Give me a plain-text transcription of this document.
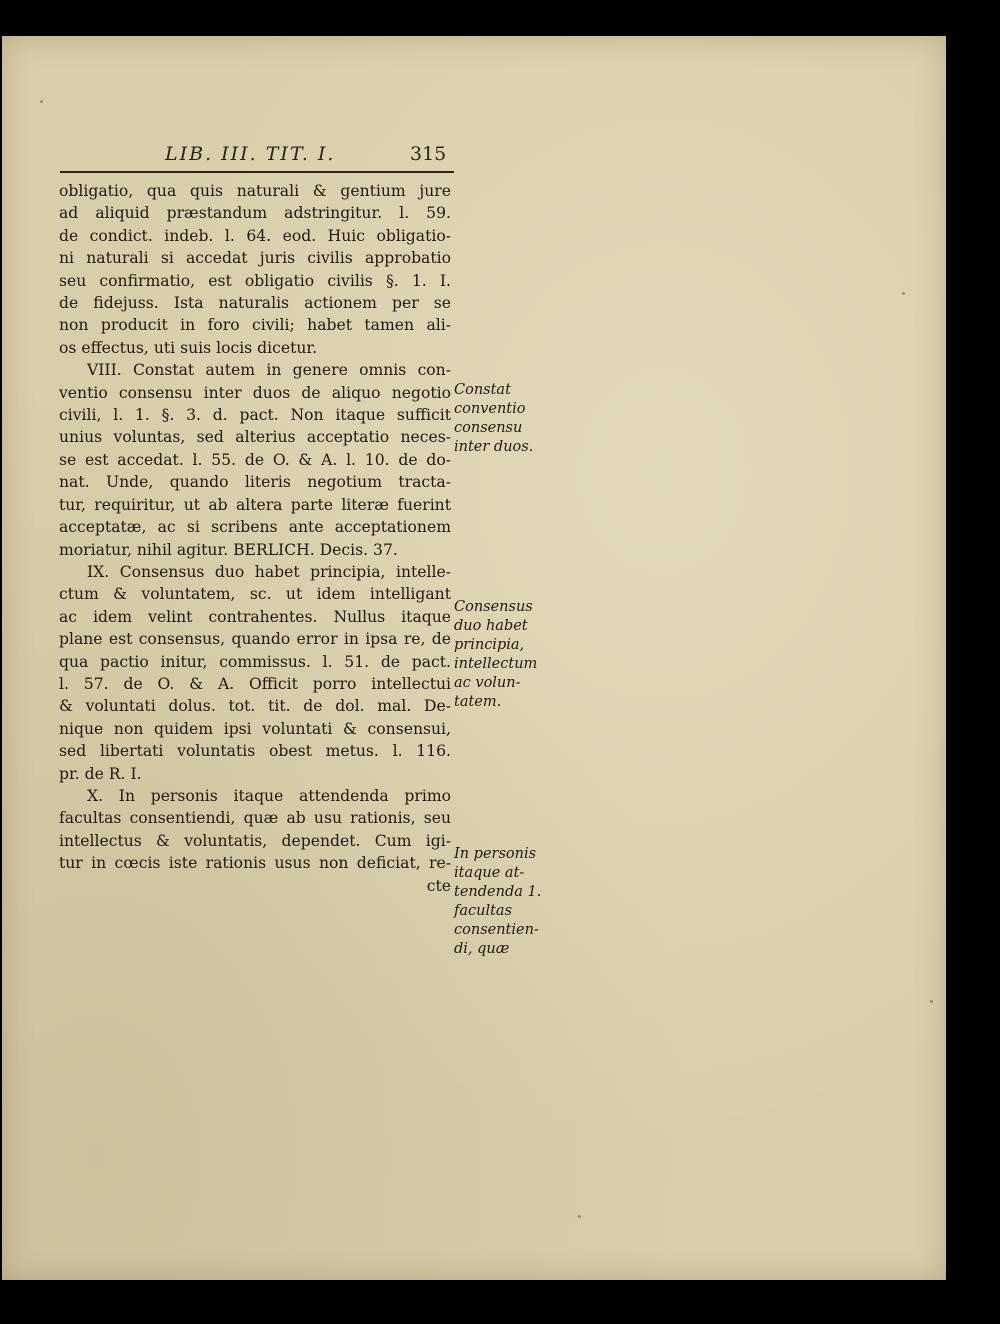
LIB. III. TIT. I.	315
obligatio, qua quis naturali & gentium jure
ad aliquid præstandum adstringitur. l. 59.
de condict. indeb. l. 64. eod. Huic obligatio-
ni naturali si accedat juris civilis approbatio
seu confirmatio, est obligatio civilis §. 1. I.
de fidejuss. Ista naturalis actionem per se
non producit in foro civili; habet tamen ali-
os effectus, uti suis locis dicetur.
VIII. Constat autem in genere omnis con-
ventio consensu inter duos de aliquo negotio
civili, l. 1. §. 3. d. pact. Non itaque sufficit
unius voluntas, sed alterius acceptatio neces-
se est accedat. l. 55. de O. & A. l. 10. de do-
nat. Unde, quando literis negotium tracta-
tur, requiritur, ut ab altera parte literæ fuerint
acceptatæ, ac si scribens ante acceptationem
moriatur, nihil agitur. BERLICH. Decis. 37.
IX. Consensus duo habet principia, intelle-
ctum & voluntatem, sc. ut idem intelligant
ac idem velint contrahentes. Nullus itaque
plane est consensus, quando error in ipsa re, de
qua pactio initur, commissus. l. 51. de pact.
l. 57. de O. & A. Officit porro intellectui
& voluntati dolus. tot. tit. de dol. mal. De-
nique non quidem ipsi voluntati & consensui,
sed libertati voluntatis obest metus. l. 116.
pr. de R. I.
X. In personis itaque attendenda primo
facultas consentiendi, quæ ab usu rationis, seu
intellectus & voluntatis, dependet. Cum igi-
tur in cœcis iste rationis usus non deficiat, re-
cte
Constat
conventio
consensu
inter duos.
Consensus
duo habet
principia,
intellectum
ac volun-
tatem.
In personis
itaque at-
tendenda 1.
facultas
consentien-
di, quæ
